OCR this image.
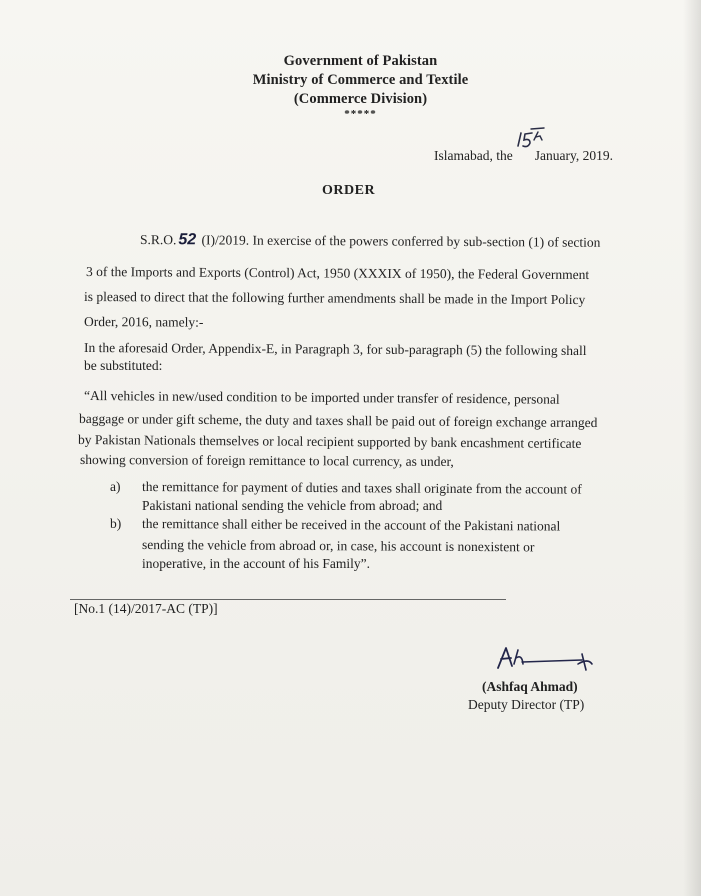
Government of Pakistan
Ministry of Commerce and Textile
(Commerce Division)
*****
Islamabad, the January, 2019.
ORDER
S.R.O. 52 (I)/2019. In exercise of the powers conferred by sub-section (1) of section
3 of the Imports and Exports (Control) Act, 1950 (XXXIX of 1950), the Federal Government
is pleased to direct that the following further amendments shall be made in the Import Policy
Order, 2016, namely:-
In the aforesaid Order, Appendix-E, in Paragraph 3, for sub-paragraph (5) the following shall
be substituted:
“All vehicles in new/used condition to be imported under transfer of residence, personal
baggage or under gift scheme, the duty and taxes shall be paid out of foreign exchange arranged
by Pakistan Nationals themselves or local recipient supported by bank encashment certificate
showing conversion of foreign remittance to local currency, as under,
a) the remittance for payment of duties and taxes shall originate from the account of
Pakistani national sending the vehicle from abroad; and
b) the remittance shall either be received in the account of the Pakistani national
sending the vehicle from abroad or, in case, his account is nonexistent or
inoperative, in the account of his Family”.
[No.1 (14)/2017-AC (TP)]
(Ashfaq Ahmad)
Deputy Director (TP)
